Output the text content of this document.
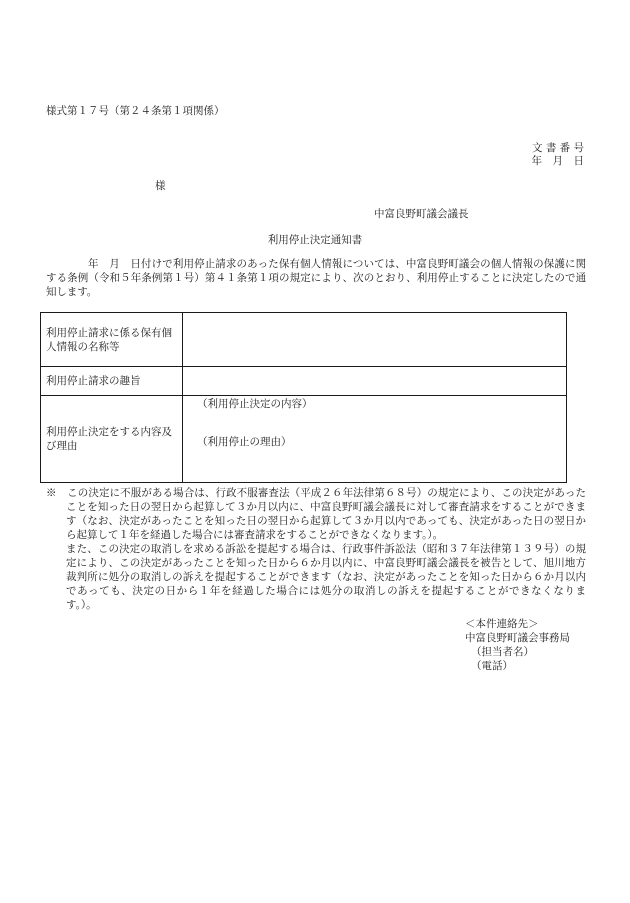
様式第１７号（第２４条第１項関係）
文 書 番 号
年　月　日
様
中富良野町議会議長
利用停止決定通知書
年　月　日付けで利用停止請求のあった保有個人情報については、中富良野町議会の個人情報の保護に関する条例（令和５年条例第１号）第４１条第１項の規定により、次のとおり、利用停止することに決定したので通知します。
利用停止請求に係る保有個人情報の名称等	
利用停止請求の趣旨	
利用停止決定をする内容及び理由	（利用停止決定の内容）
（利用停止の理由）
※　この決定に不服がある場合は、行政不服審査法（平成２６年法律第６８号）の規定により、この決定があったことを知った日の翌日から起算して３か月以内に、中富良野町議会議長に対して審査請求をすることができます（なお、決定があったことを知った日の翌日から起算して３か月以内であっても、決定があった日の翌日から起算して１年を経過した場合には審査請求をすることができなくなります。）。
また、この決定の取消しを求める訴訟を提起する場合は、行政事件訴訟法（昭和３７年法律第１３９号）の規定により、この決定があったことを知った日から６か月以内に、中富良野町議会議長を被告として、旭川地方裁判所に処分の取消しの訴えを提起することができます（なお、決定があったことを知った日から６か月以内であっても、決定の日から１年を経過した場合には処分の取消しの訴えを提起することができなくなります。）。
＜本件連絡先＞
中富良野町議会事務局
（担当者名）
（電話）
